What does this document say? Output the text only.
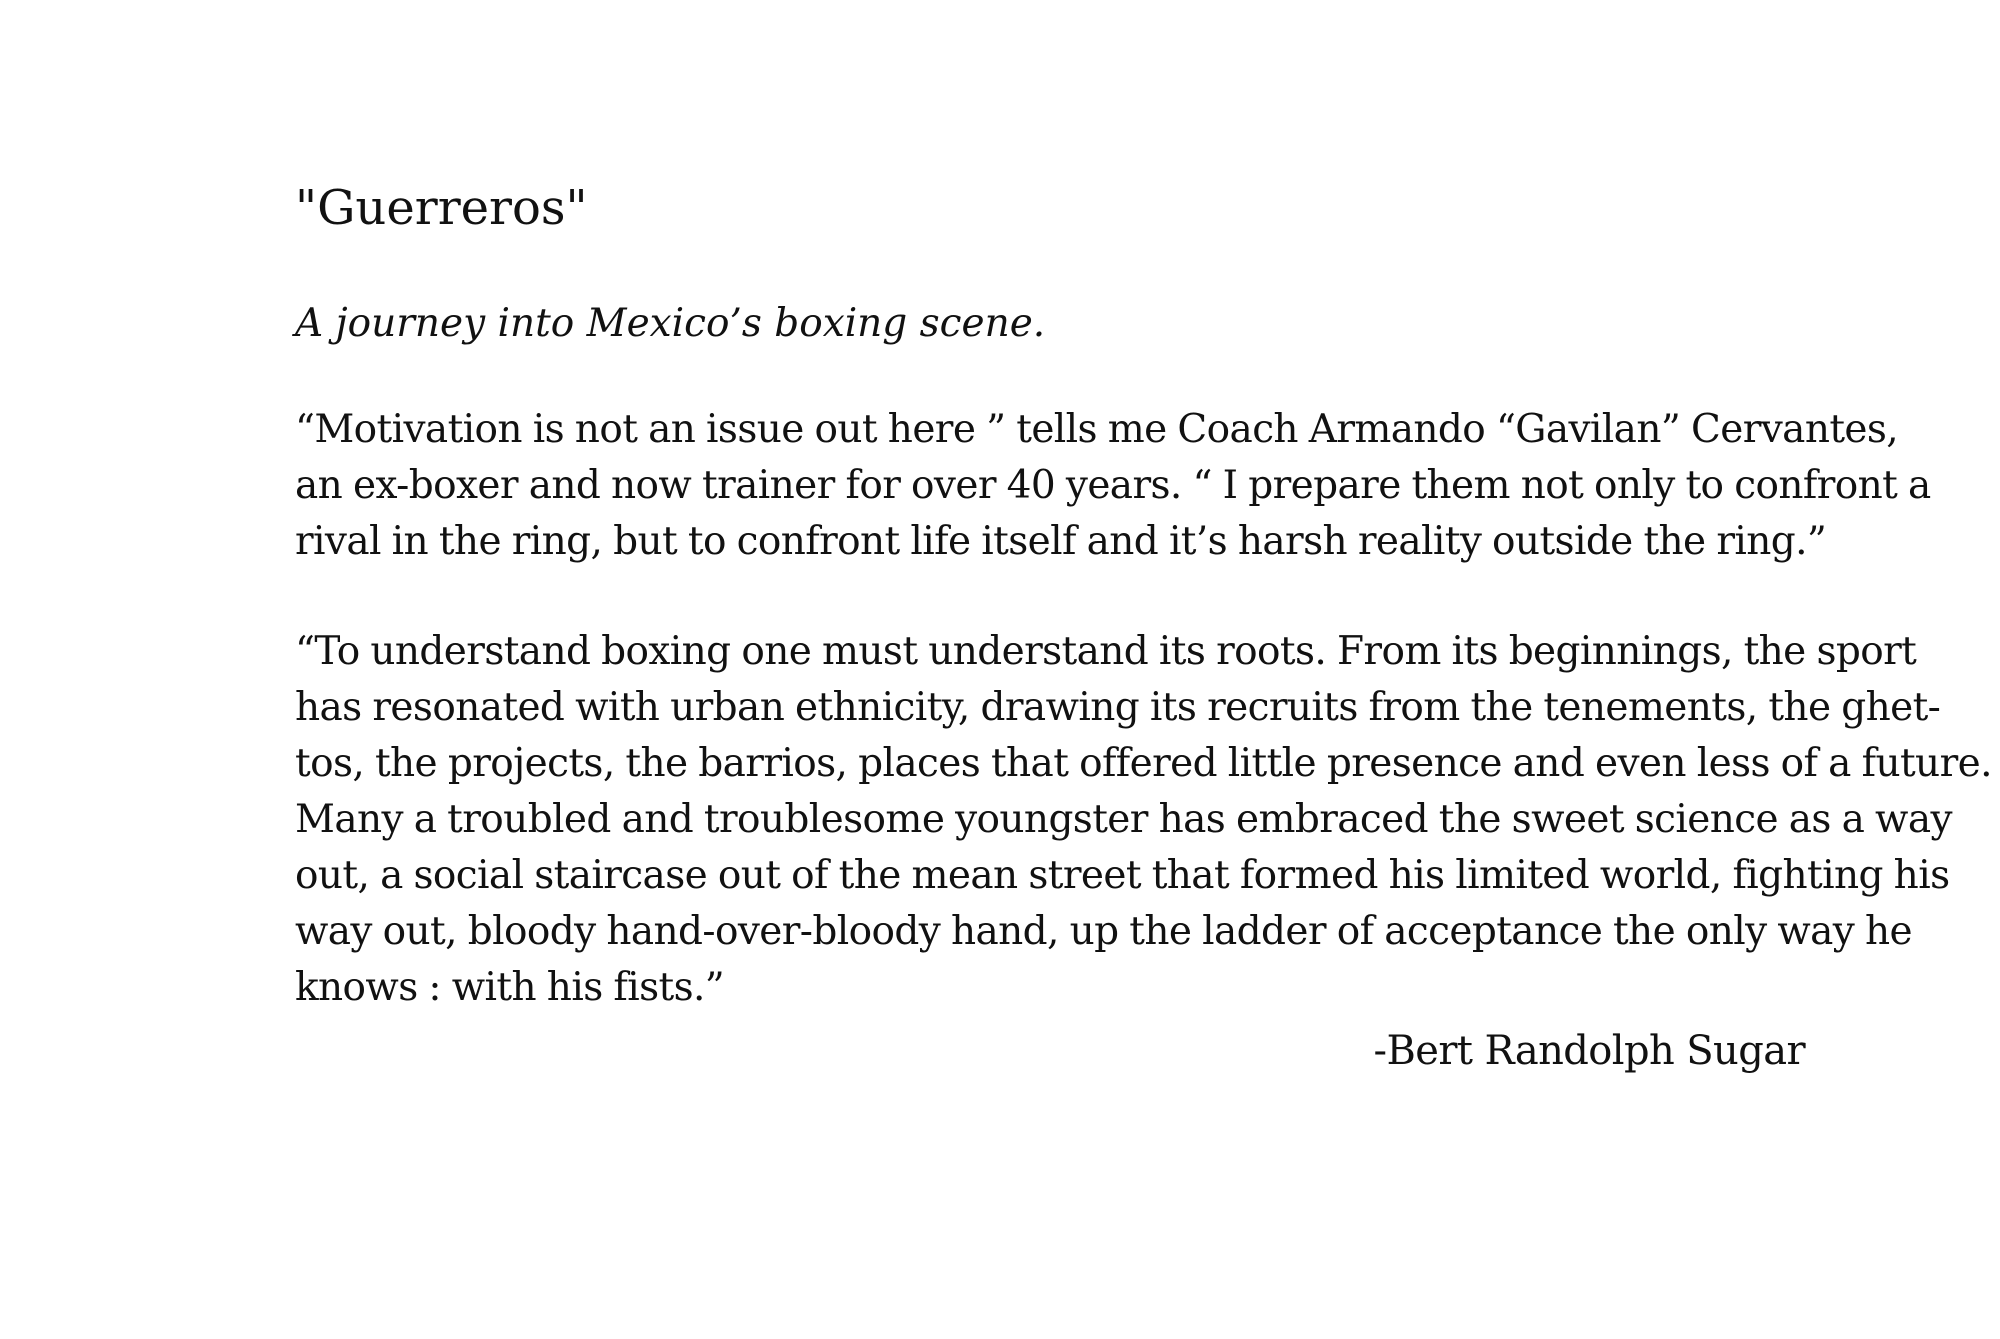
"Guerreros"
A journey into Mexico’s boxing scene.
“Motivation is not an issue out here ” tells me Coach Armando “Gavilan” Cervantes,
an ex-boxer and now trainer for over 40 years. “ I prepare them not only to confront a
rival in the ring, but to confront life itself and it’s harsh reality outside the ring.”
“To understand boxing one must understand its roots. From its beginnings, the sport
has resonated with urban ethnicity, drawing its recruits from the tenements, the ghet-
tos, the projects, the barrios, places that offered little presence and even less of a future.
Many a troubled and troublesome youngster has embraced the sweet science as a way
out, a social staircase out of the mean street that formed his limited world, fighting his
way out, bloody hand-over-bloody hand, up the ladder of acceptance the only way he
knows : with his fists.”
-Bert Randolph Sugar
